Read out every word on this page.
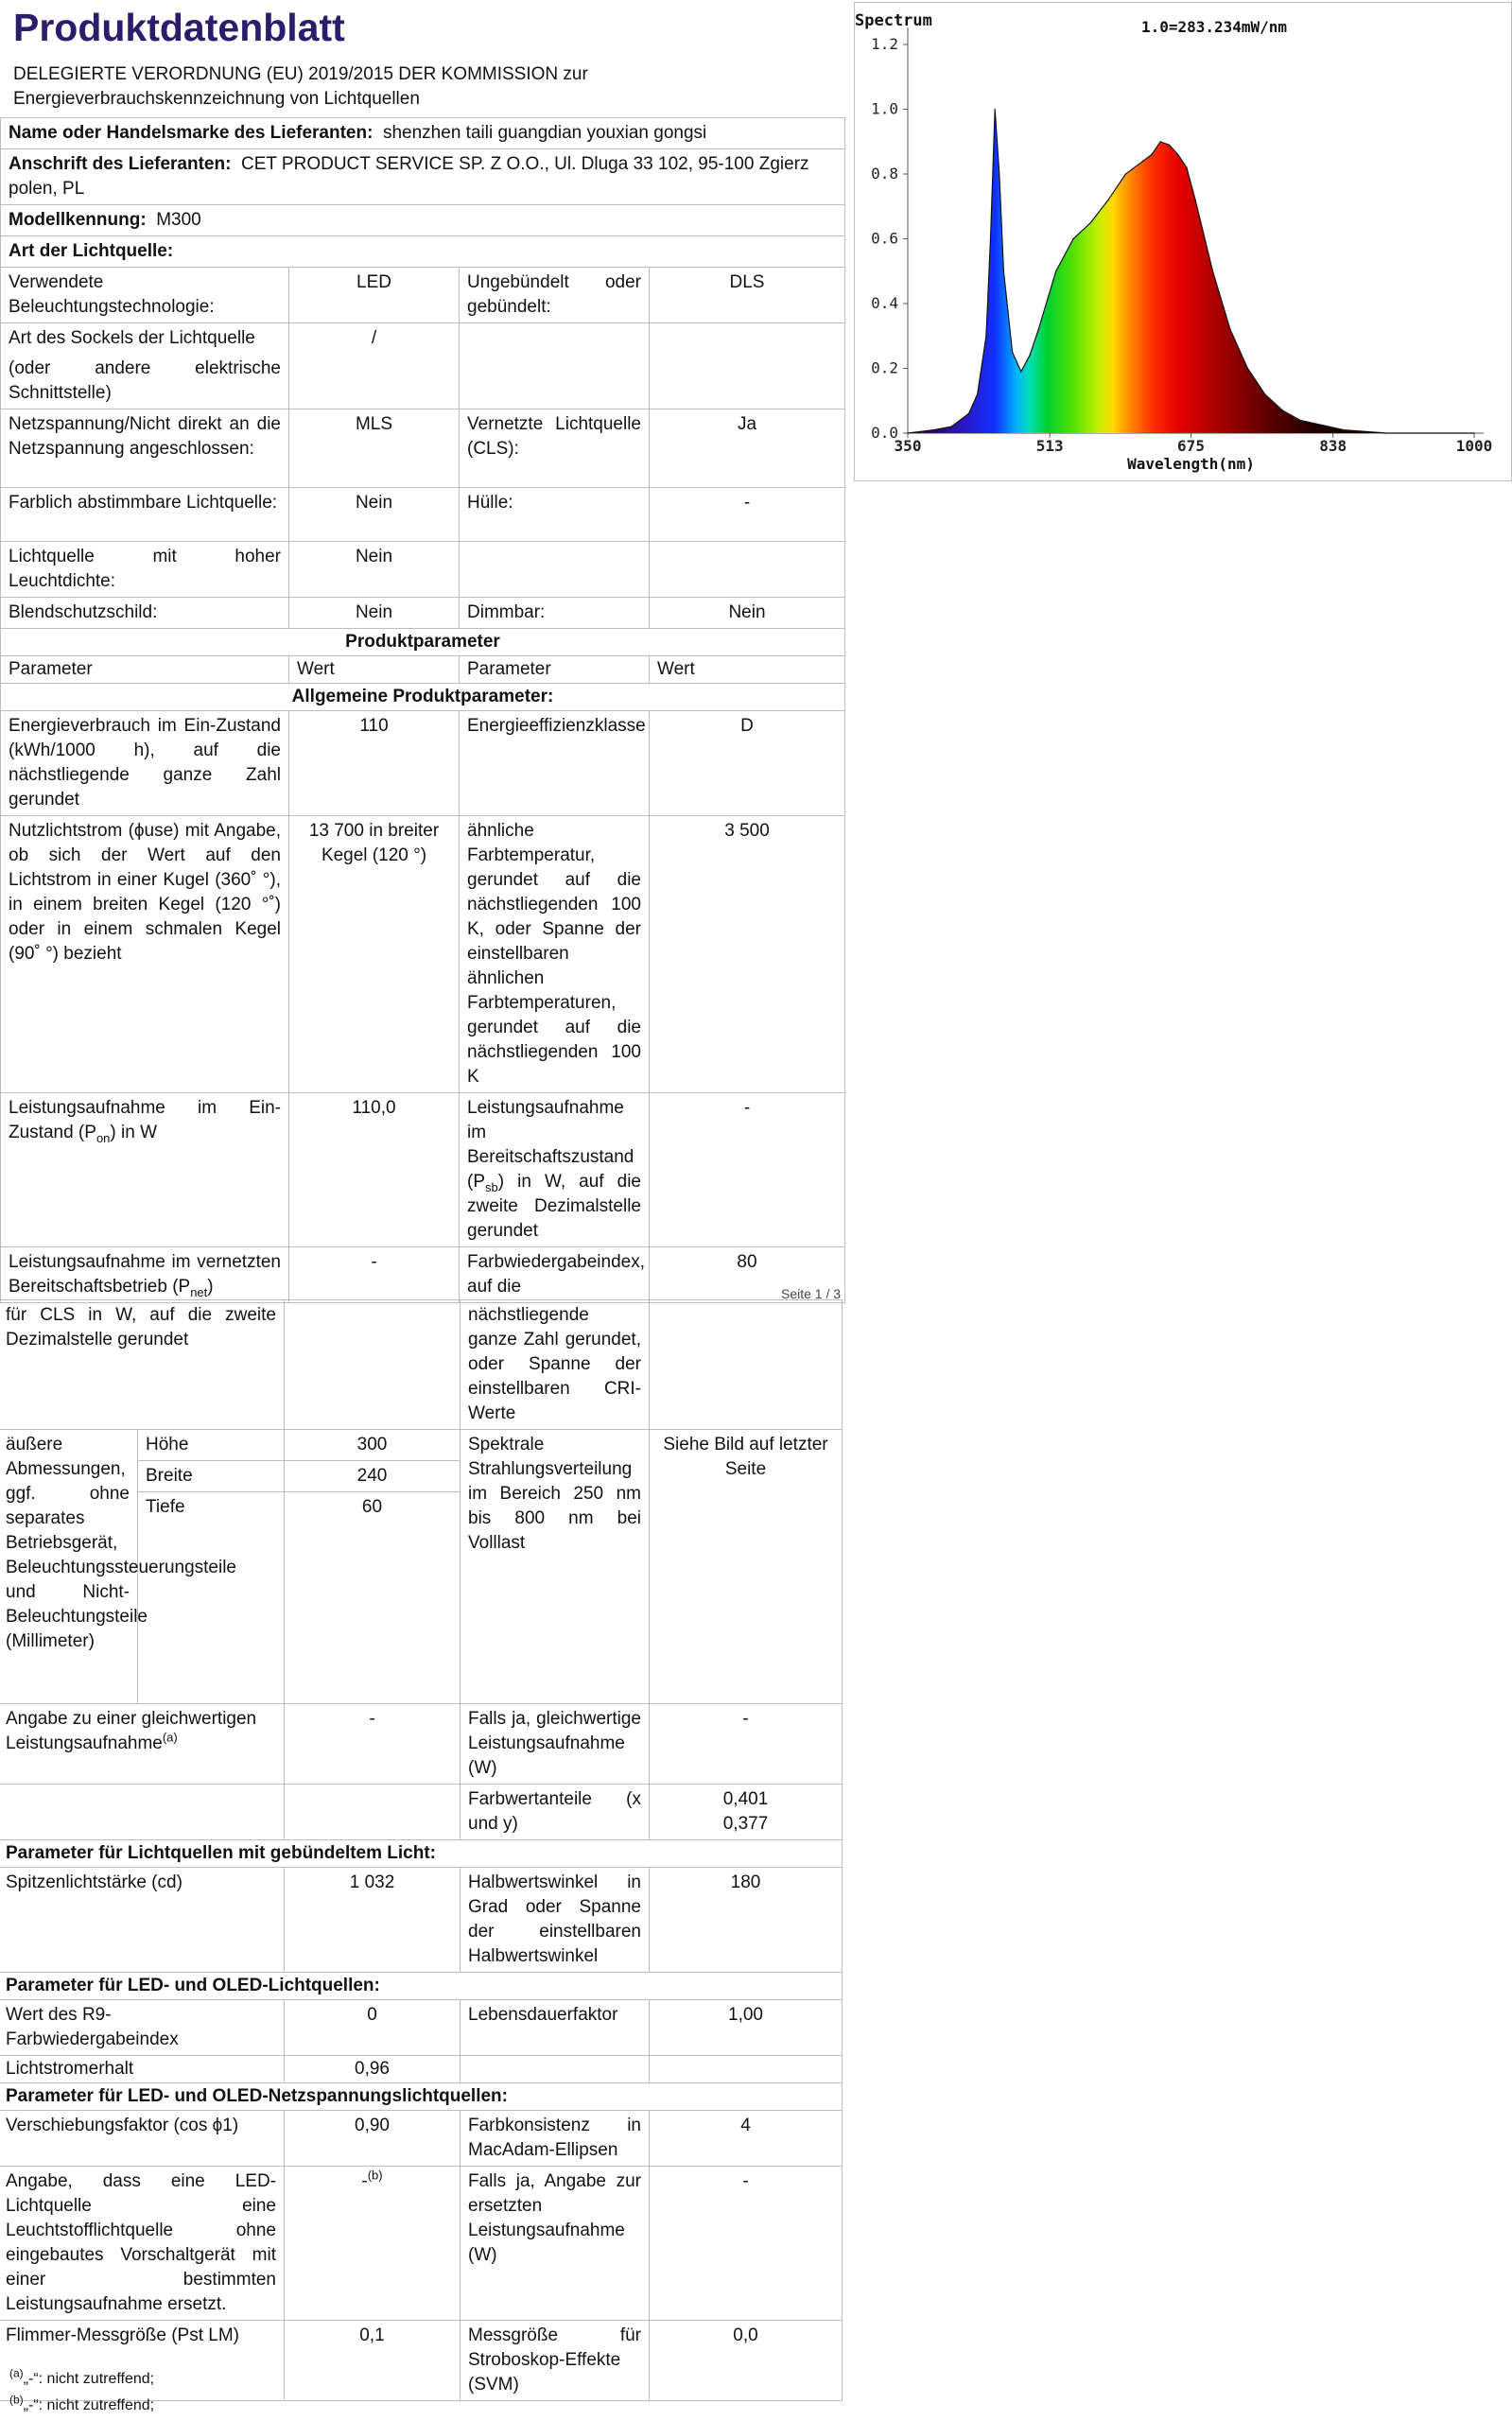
Produktdatenblatt
DELEGIERTE VERORDNUNG (EU) 2019/2015 DER KOMMISSION zur Energieverbrauchskennzeichnung von Lichtquellen
Name oder Handelsmarke des Lieferanten: shenzhen taili guangdian youxian gongsi			
Anschrift des Lieferanten: CET PRODUCT SERVICE SP. Z O.O., Ul. Dluga 33 102, 95-100 Zgierz polen, PL			
Modellkennung: M300			
Art der Lichtquelle:			
Verwendete Beleuchtungstechnologie:	LED	Ungebündelt oder gebündelt:	DLS

Art des Sockels der Lichtquelle
(oder andere elektrische Schnittstelle)	/		
Netzspannung/Nicht direkt an die Netzspannung angeschlossen:	MLS	Vernetzte Lichtquelle (CLS):	Ja
Farblich abstimmbare Lichtquelle:	Nein	Hülle:	-
Lichtquelle mit hoher Leuchtdichte:	Nein		
Blendschutzschild:	Nein	Dimmbar:	Nein
Produktparameter			
Parameter	Wert	Parameter	Wert
Allgemeine Produktparameter:			
Energieverbrauch im Ein-Zustand (kWh/1000 h), auf die nächstliegende ganze Zahl gerundet	110	Energieeffizienzklasse	D
Nutzlichtstrom (ϕuse) mit Angabe, ob sich der Wert auf den Lichtstrom in einer Kugel (360˚ °), in einem breiten Kegel (120 °˚) oder in einem schmalen Kegel (90˚ °) bezieht	13 700 in breiter Kegel (120 °)	ähnliche Farbtemperatur, gerundet auf die nächstliegenden 100 K, oder Spanne der einstellbaren ähnlichen Farbtemperaturen, gerundet auf die nächstliegenden 100 K	3 500
Leistungsaufnahme im Ein-Zustand $(P_{on})$ in W	110,0	Leistungsaufnahme im Bereitschaftszustand $(P_{sb})$ in W, auf die zweite Dezimalstelle gerundet	-
Leistungsaufnahme im vernetzten Bereitschaftsbetrieb $(P_{net})$	-	Farbwiedergabeindex, auf die	80
Seite 1 / 3
für CLS in W, auf die zweite Dezimalstelle gerundet			nächstliegende ganze Zahl gerundet, oder Spanne der einstellbaren CRI-Werte	
äußere Abmessungen, ggf. ohne separates Betriebsgerät, Beleuchtungssteuerungsteile und Nicht-Beleuchtungsteile (Millimeter)	Höhe	300	Spektrale Strahlungsverteilung im Bereich 250 nm bis 800 nm bei Volllast	Siehe Bild auf letzter Seite
	Breite	240		
	Tiefe	60		
Angabe zu einer gleichwertigen Leistungsaufnahme$^{(a)}$		-	Falls ja, gleichwertige Leistungsaufnahme (W)	-
			Farbwertanteile (x und y)	0,401
0,377

Parameter für Lichtquellen mit gebündeltem Licht:				
Spitzenlichtstärke (cd)		1 032	Halbwertswinkel in Grad oder Spanne der einstellbaren Halbwertswinkel	180
Parameter für LED- und OLED-Lichtquellen:				
Wert des R9-Farbwiedergabeindex		0	Lebensdauerfaktor	1,00
Lichtstromerhalt		0,96		
Parameter für LED- und OLED-Netzspannungslichtquellen:				
Verschiebungsfaktor (cos ϕ1)		0,90	Farbkonsistenz in MacAdam-Ellipsen	4
Angabe, dass eine LED-Lichtquelle eine Leuchtstofflichtquelle ohne eingebautes Vorschaltgerät mit einer bestimmten Leistungsaufnahme ersetzt.		-$^{(b)}$	Falls ja, Angabe zur ersetzten Leistungsaufnahme (W)	-
Flimmer-Messgröße (Pst LM)		0,1	Messgröße für Stroboskop-Effekte (SVM)	0,0
$^{(a)}$„-“: nicht zutreffend;
$^{(b)}$„-“: nicht zutreffend;
0.0
0.2
0.4
0.6
0.8
1.0
1.2
350	513	675	838	1000
Spectrum	1.0=283.234mW/nm
Wavelength(nm)
